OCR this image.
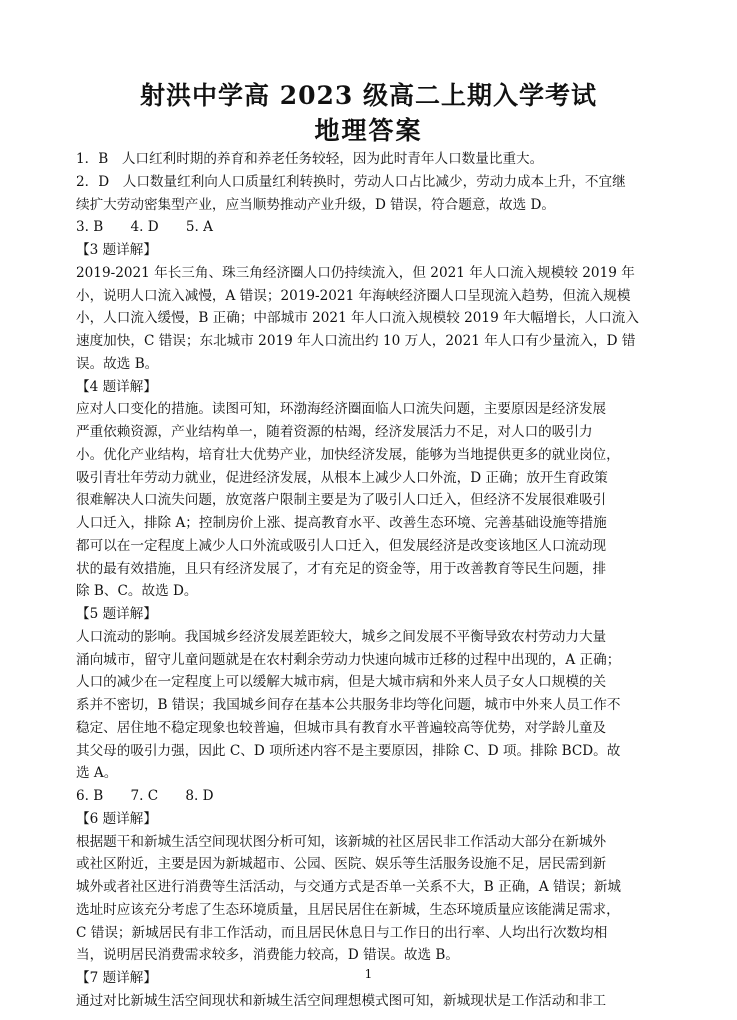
射洪中学高 2023 级高二上期入学考试
地理答案
1．B　人口红利时期的养育和养老任务较轻，因为此时青年人口数量比重大。
2．D　人口数量红利向人口质量红利转换时，劳动人口占比减少，劳动力成本上升，不宜继
续扩大劳动密集型产业，应当顺势推动产业升级，D 错误，符合题意，故选 D。
3. B　　4. D　　5. A
【3 题详解】
2019-2021 年长三角、珠三角经济圈人口仍持续流入，但 2021 年人口流入规模较 2019 年
小，说明人口流入减慢，A 错误；2019-2021 年海峡经济圈人口呈现流入趋势，但流入规模
小，人口流入缓慢，B 正确；中部城市 2021 年人口流入规模较 2019 年大幅增长，人口流入
速度加快，C 错误；东北城市 2019 年人口流出约 10 万人，2021 年人口有少量流入，D 错
误。故选 B。
【4 题详解】
应对人口变化的措施。读图可知，环渤海经济圈面临人口流失问题，主要原因是经济发展
严重依赖资源，产业结构单一，随着资源的枯竭，经济发展活力不足，对人口的吸引力
小。优化产业结构，培育壮大优势产业，加快经济发展，能够为当地提供更多的就业岗位，
吸引青壮年劳动力就业，促进经济发展，从根本上减少人口外流，D 正确；放开生育政策
很难解决人口流失问题，放宽落户限制主要是为了吸引人口迁入，但经济不发展很难吸引
人口迁入，排除 A；控制房价上涨、提高教育水平、改善生态环境、完善基础设施等措施
都可以在一定程度上减少人口外流或吸引人口迁入，但发展经济是改变该地区人口流动现
状的最有效措施，且只有经济发展了，才有充足的资金等，用于改善教育等民生问题，排
除 B、C。故选 D。
【5 题详解】
人口流动的影响。我国城乡经济发展差距较大，城乡之间发展不平衡导致农村劳动力大量
涌向城市，留守儿童问题就是在农村剩余劳动力快速向城市迁移的过程中出现的，A 正确；
人口的减少在一定程度上可以缓解大城市病，但是大城市病和外来人员子女人口规模的关
系并不密切，B 错误；我国城乡间存在基本公共服务非均等化问题，城市中外来人员工作不
稳定、居住地不稳定现象也较普遍，但城市具有教育水平普遍较高等优势，对学龄儿童及
其父母的吸引力强，因此 C、D 项所述内容不是主要原因，排除 C、D 项。排除 BCD。故
选 A。
6. B　　7. C　　8. D
【6 题详解】
根据题干和新城生活空间现状图分析可知，该新城的社区居民非工作活动大部分在新城外
或社区附近，主要是因为新城超市、公园、医院、娱乐等生活服务设施不足，居民需到新
城外或者社区进行消费等生活活动，与交通方式是否单一关系不大，B 正确，A 错误；新城
选址时应该充分考虑了生态环境质量，且居民居住在新城，生态环境质量应该能满足需求，
C 错误；新城居民有非工作活动，而且居民休息日与工作日的出行率、人均出行次数均相
当，说明居民消费需求较多，消费能力较高，D 错误。故选 B。
【7 题详解】
通过对比新城生活空间现状和新城生活空间理想模式图可知，新城现状是工作活动和非工
1
